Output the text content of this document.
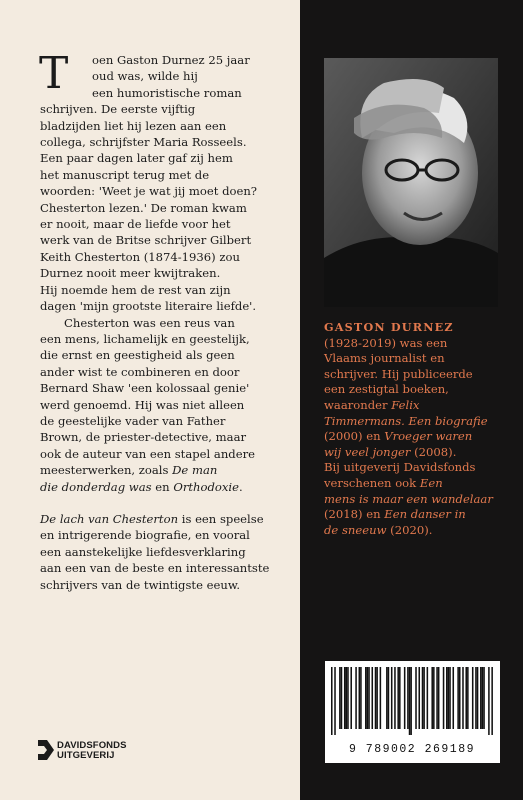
T	oen Gaston Durnez 25 jaar
oud was, wilde hij
een humoristische roman
schrijven. De eerste vijftig
bladzijden liet hij lezen aan een
collega, schrijfster Maria Rosseels.
Een paar dagen later gaf zij hem
het manuscript terug met de
woorden: 'Weet je wat jij moet doen?
Chesterton lezen.' De roman kwam
er nooit, maar de liefde voor het
werk van de Britse schrijver Gilbert
Keith Chesterton (1874-1936) zou
Durnez nooit meer kwijtraken.
Hij noemde hem de rest van zijn
dagen 'mijn grootste literaire liefde'.
Chesterton was een reus van
een mens, lichamelijk en geestelijk,
die ernst en geestigheid als geen
ander wist te combineren en door
Bernard Shaw 'een kolossaal genie'
werd genoemd. Hij was niet alleen
de geestelijke vader van Father
Brown, de priester-detective, maar
ook de auteur van een stapel andere
meesterwerken, zoals De man
die donderdag was en Orthodoxie.
De lach van Chesterton is een speelse
en intrigerende biografie, en vooral
een aanstekelijke liefdesverklaring
aan een van de beste en interessantste
schrijvers van de twintigste eeuw.
DAVIDSFONDS
UITGEVERIJ
GASTON DURNEZ
(1928-2019) was een
Vlaams journalist en
schrijver. Hij publiceerde
een zestigtal boeken,
waaronder Felix
Timmermans. Een biografie
(2000) en Vroeger waren
wij veel jonger (2008).
Bij uitgeverij Davidsfonds
verschenen ook Een
mens is maar een wandelaar
(2018) en Een danser in
de sneeuw (2020).
9 789002 269189
